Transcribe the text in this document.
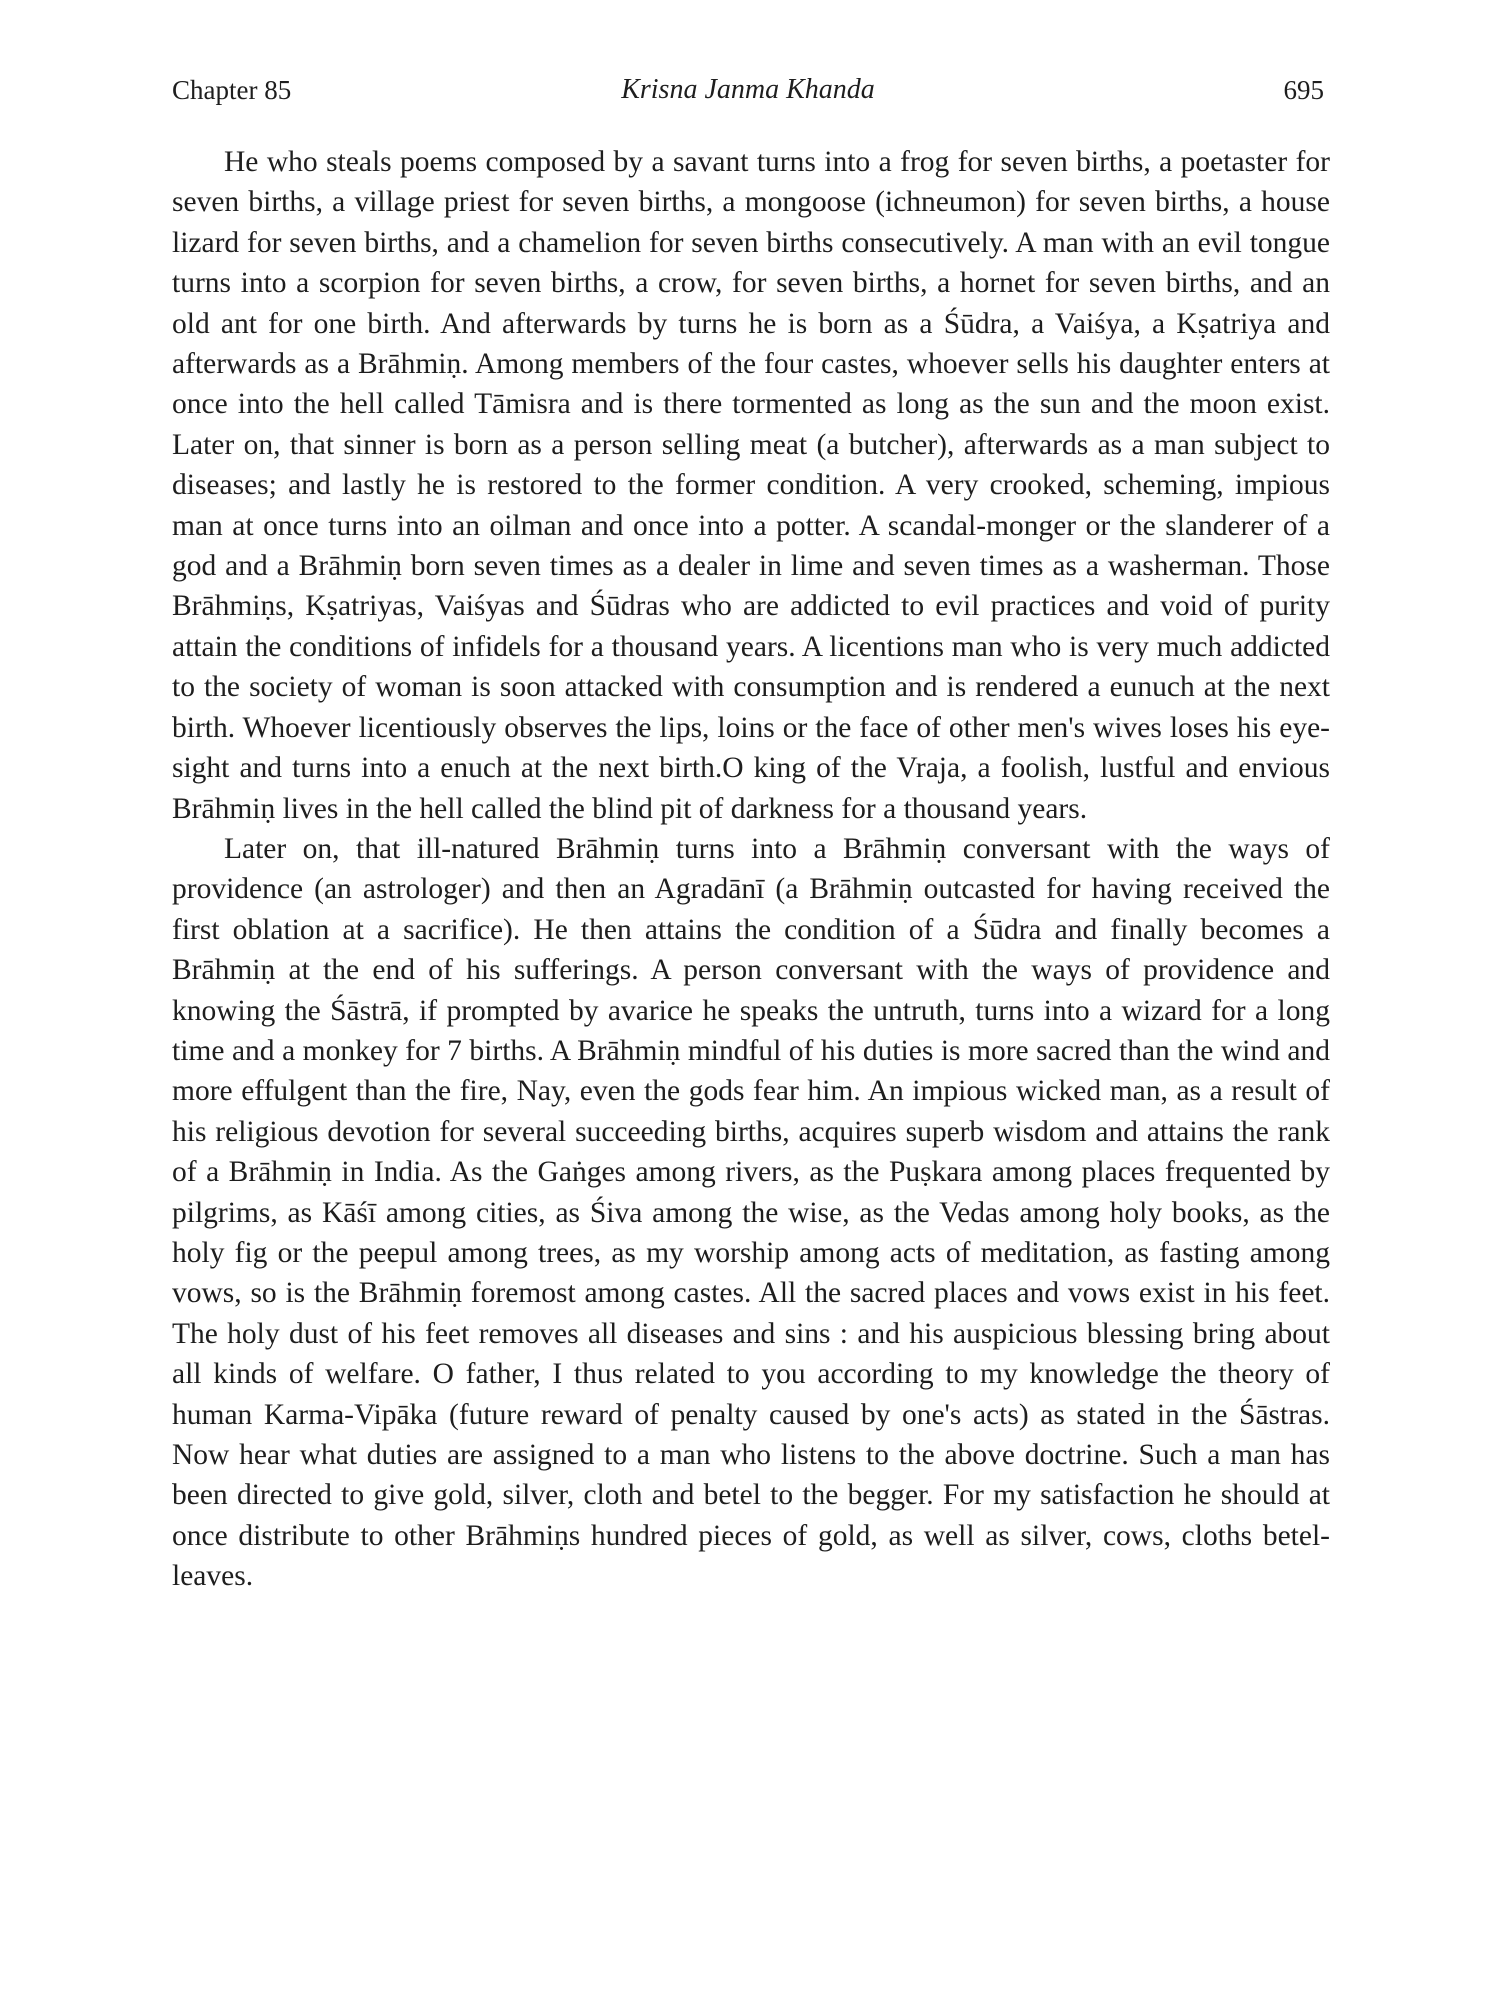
Chapter 85	Krisna Janma Khanda	695

He who steals poems composed by a savant turns into a frog for seven births, a poetaster for seven births, a village priest for seven births, a mongoose (ichneumon) for seven births, a house lizard for seven births, and a chamelion for seven births consecutively. A man with an evil tongue turns into a scorpion for seven births, a crow, for seven births, a hornet for seven births, and an old ant for one birth. And afterwards by turns he is born as a Śūdra, a Vaiśya, a Kṣatriya and afterwards as a Brāhmiṇ. Among members of the four castes, whoever sells his daughter enters at once into the hell called Tāmisra and is there tormented as long as the sun and the moon exist. Later on, that sinner is born as a person selling meat (a butcher), afterwards as a man subject to diseases; and lastly he is restored to the former condition. A very crooked, scheming, impious man at once turns into an oilman and once into a potter. A scandal-monger or the slanderer of a god and a Brāhmiṇ born seven times as a dealer in lime and seven times as a washerman. Those Brāhmiṇs, Kṣatriyas, Vaiśyas and Śūdras who are addicted to evil practices and void of purity attain the conditions of infidels for a thousand years. A licentions man who is very much addicted to the society of woman is soon attacked with consumption and is rendered a eunuch at the next birth. Whoever licentiously observes the lips, loins or the face of other men's wives loses his eye-sight and turns into a enuch at the next birth.O king of the Vraja, a foolish, lustful and envious Brāhmiṇ lives in the hell called the blind pit of darkness for a thousand years.

Later on, that ill-natured Brāhmiṇ turns into a Brāhmiṇ conversant with the ways of providence (an astrologer) and then an Agradānī (a Brāhmiṇ outcasted for having received the first oblation at a sacrifice). He then attains the condition of a Śūdra and finally becomes a Brāhmiṇ at the end of his sufferings. A person conversant with the ways of providence and knowing the Śāstrā, if prompted by avarice he speaks the untruth, turns into a wizard for a long time and a monkey for 7 births. A Brāhmiṇ mindful of his duties is more sacred than the wind and more effulgent than the fire, Nay, even the gods fear him. An impious wicked man, as a result of his religious devotion for several succeeding births, acquires superb wisdom and attains the rank of a Brāhmiṇ in India. As the Gaṅges among rivers, as the Puṣkara among places frequented by pilgrims, as Kāśī among cities, as Śiva among the wise, as the Vedas among holy books, as the holy fig or the peepul among trees, as my worship among acts of meditation, as fasting among vows, so is the Brāhmiṇ foremost among castes. All the sacred places and vows exist in his feet. The holy dust of his feet removes all diseases and sins : and his auspicious blessing bring about all kinds of welfare. O father, I thus related to you according to my knowledge the theory of human Karma-Vipāka (future reward of penalty caused by one's acts) as stated in the Śāstras. Now hear what duties are assigned to a man who listens to the above doctrine. Such a man has been directed to give gold, silver, cloth and betel to the begger. For my satisfaction he should at once distribute to other Brāhmiṇs hundred pieces of gold, as well as silver, cows, cloths betel-leaves.
